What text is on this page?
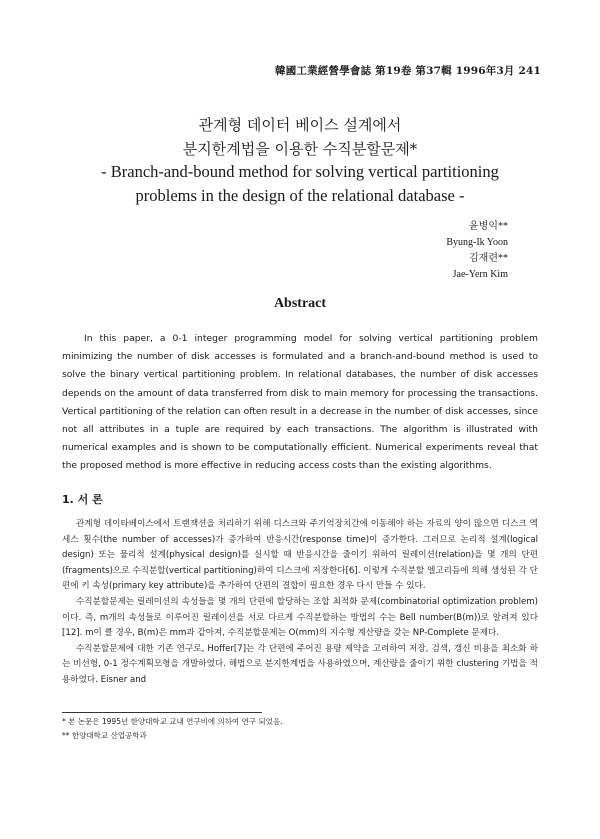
韓國工業經營學會誌 第19卷 第37輯 1996年3月 241
관계형 데이터 베이스 설계에서
분지한계법을 이용한 수직분할문제*
- Branch-and-bound method for solving vertical partitioning
problems in the design of the relational database -
윤병익**
Byung-Ik Yoon
김재련**
Jae-Yern Kim
Abstract
In this paper, a 0-1 integer programming model for solving vertical partitioning problem minimizing the number of disk accesses is formulated and a branch-and-bound method is used to solve the binary vertical partitioning problem. In relational databases, the number of disk accesses depends on the amount of data transferred from disk to main memory for processing the transactions. Vertical partitioning of the relation can often result in a decrease in the number of disk accesses, since not all attributes in a tuple are required by each transactions. The algorithm is illustrated with numerical examples and is shown to be computationally efficient. Numerical experiments reveal that the proposed method is more effective in reducing access costs than the existing algorithms.
1. 서 론

관계형 데이타베이스에서 트랜잭션을 처리하기 위해 디스크와 주기억장치간에 이동해야 하는 자료의 양이 많으면 디스크 엑세스 횟수(the number of accesses)가 증가하여 반응시간(response time)이 증가한다. 그러므로 논리적 설계(logical design) 또는 물리적 설계(physical design)를 실시할 때 반응시간을 줄이기 위하여 릴레이션(relation)을 몇 개의 단편(fragments)으로 수직분할(vertical partitioning)하여 디스크에 저장한다[6]. 이렇게 수직분할 엘고리듬에 의해 생성된 각 단편에 키 속성(primary key attribute)을 추가하여 단편의 결합이 필요한 경우 다시 만들 수 있다.

수직분할문제는 릴레이션의 속성들을 몇 개의 단편에 할당하는 조합 최적화 문제(combinatorial optimization problem)이다. 즉, m개의 속성들로 이루어진 릴레이션을 서로 다르게 수직분할하는 방법의 수는 Bell number(B(m))로 알려져 있다[12]. m이 클 경우, B(m)은 mm과 같아져, 수직분할문제는 O(mm)의 지수형 계산량을 갖는 NP-Complete 문제다.

수직분할문제에 대한 기존 연구로, Hoffer[7]는 각 단편에 주어진 용량 제약을 고려하여 저장, 검색, 갱신 비용을 최소화 하는 비선형, 0-1 정수계획모형을 개발하였다. 해법으로 분지한계법을 사용하였으며, 계산량을 줄이기 위한 clustering 기법을 적용하였다. Eisner and

* 본 논문은 1995년 한양대학교 교내 연구비에 의하여 연구 되었음.
** 한양대학교 산업공학과
